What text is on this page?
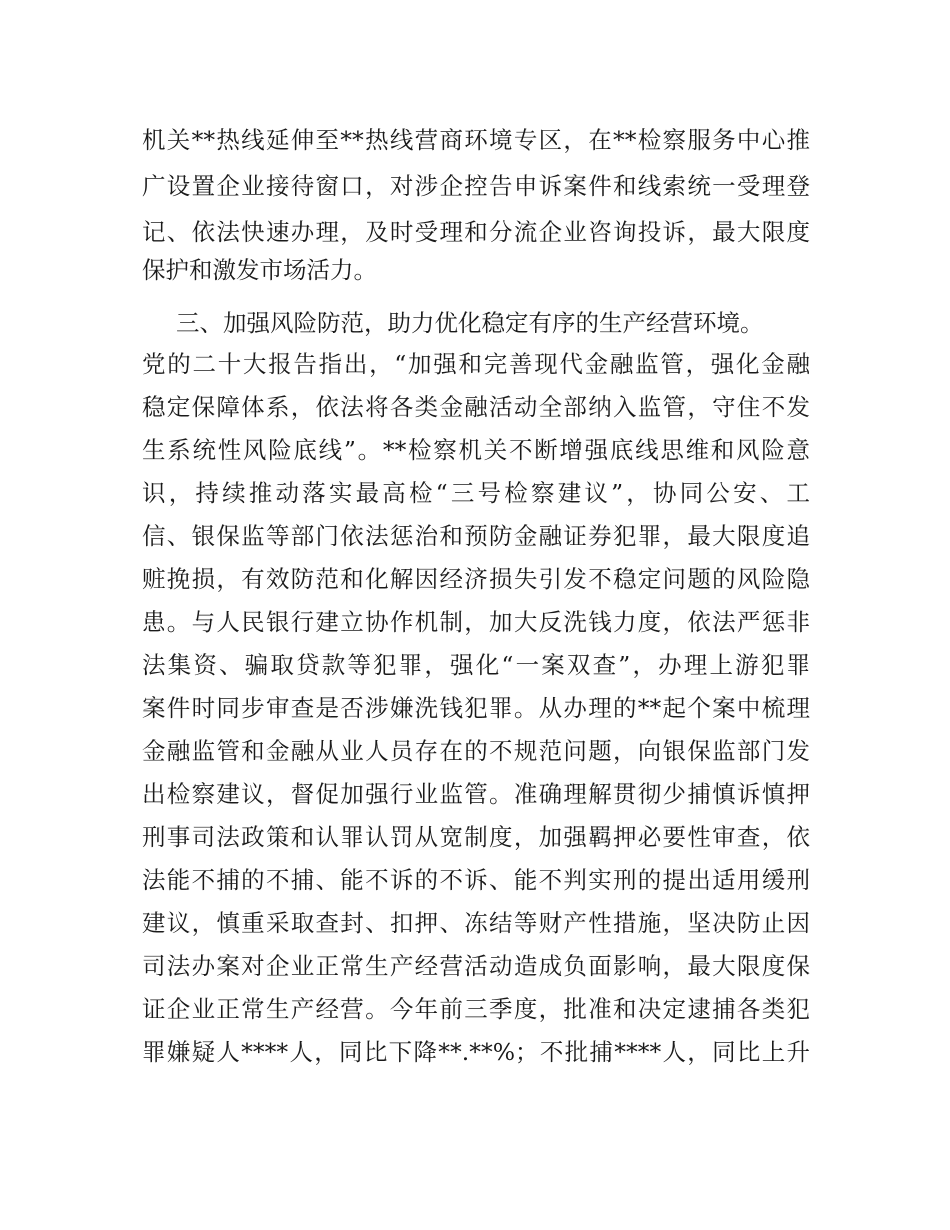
机关**热线延伸至**热线营商环境专区，在**检察服务中心推
广设置企业接待窗口，对涉企控告申诉案件和线索统一受理登
记、依法快速办理，及时受理和分流企业咨询投诉，最大限度
保护和激发市场活力。
三、加强风险防范，助力优化稳定有序的生产经营环境。
党的二十大报告指出，“加强和完善现代金融监管，强化金融
稳定保障体系，依法将各类金融活动全部纳入监管，守住不发
生系统性风险底线”。**检察机关不断增强底线思维和风险意
识，持续推动落实最高检“三号检察建议”，协同公安、工
信、银保监等部门依法惩治和预防金融证券犯罪，最大限度追
赃挽损，有效防范和化解因经济损失引发不稳定问题的风险隐
患。与人民银行建立协作机制，加大反洗钱力度，依法严惩非
法集资、骗取贷款等犯罪，强化“一案双查”，办理上游犯罪
案件时同步审查是否涉嫌洗钱犯罪。从办理的**起个案中梳理
金融监管和金融从业人员存在的不规范问题，向银保监部门发
出检察建议，督促加强行业监管。准确理解贯彻少捕慎诉慎押
刑事司法政策和认罪认罚从宽制度，加强羁押必要性审查，依
法能不捕的不捕、能不诉的不诉、能不判实刑的提出适用缓刑
建议，慎重采取查封、扣押、冻结等财产性措施，坚决防止因
司法办案对企业正常生产经营活动造成负面影响，最大限度保
证企业正常生产经营。今年前三季度，批准和决定逮捕各类犯
罪嫌疑人****人，同比下降**.**%；不批捕****人，同比上升
